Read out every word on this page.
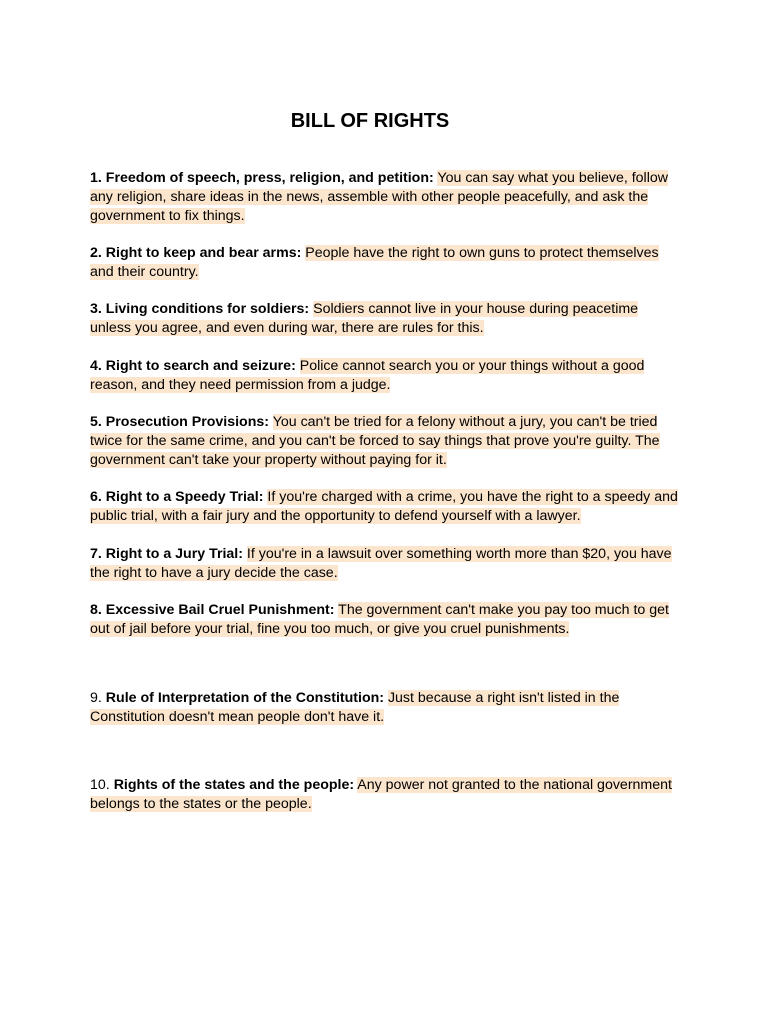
BILL OF RIGHTS

1. Freedom of speech, press, religion, and petition: You can say what you believe, follow any religion, share ideas in the news, assemble with other people peacefully, and ask the government to fix things.

2. Right to keep and bear arms: People have the right to own guns to protect themselves and their country.

3. Living conditions for soldiers: Soldiers cannot live in your house during peacetime unless you agree, and even during war, there are rules for this.

4. Right to search and seizure: Police cannot search you or your things without a good reason, and they need permission from a judge.

5. Prosecution Provisions: You can't be tried for a felony without a jury, you can't be tried twice for the same crime, and you can't be forced to say things that prove you're guilty. The government can't take your property without paying for it.

6. Right to a Speedy Trial: If you're charged with a crime, you have the right to a speedy and public trial, with a fair jury and the opportunity to defend yourself with a lawyer.

7. Right to a Jury Trial: If you're in a lawsuit over something worth more than $20, you have the right to have a jury decide the case.

8. Excessive Bail Cruel Punishment: The government can't make you pay too much to get out of jail before your trial, fine you too much, or give you cruel punishments.

9. Rule of Interpretation of the Constitution: Just because a right isn't listed in the Constitution doesn't mean people don't have it.

10. Rights of the states and the people: Any power not granted to the national government belongs to the states or the people.
